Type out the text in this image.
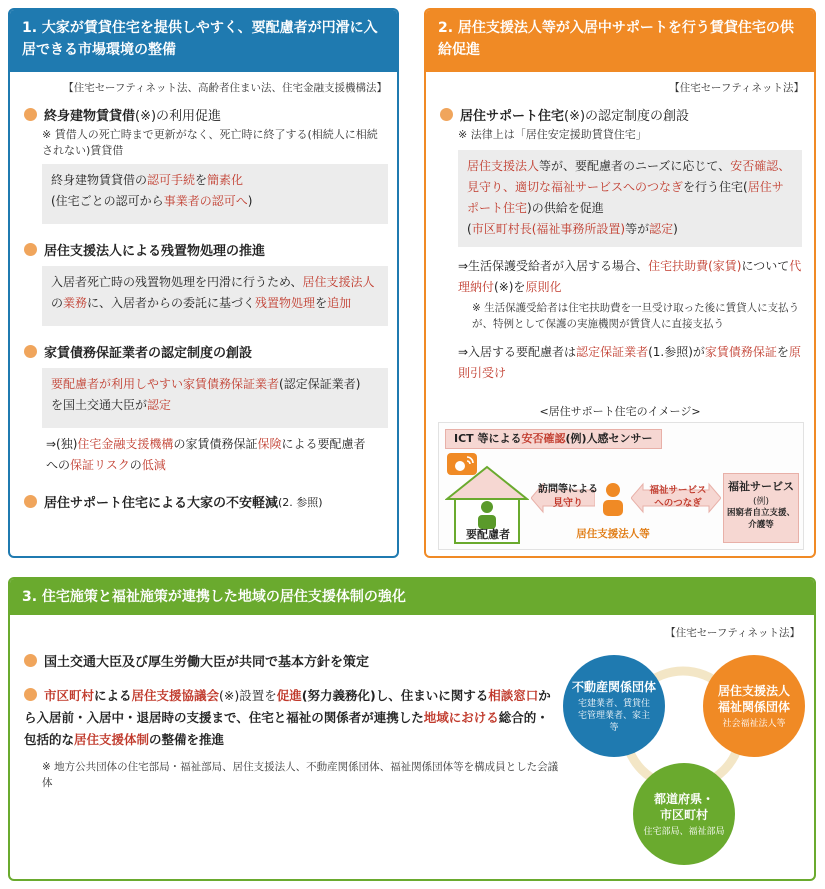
1. 大家が賃貸住宅を提供しやすく、要配慮者が円滑に入居できる市場環境の整備
【住宅セーフティネット法、高齢者住まい法、住宅金融支援機構法】
終身建物賃貸借 (※)の利用促進
※ 賃借人の死亡時まで更新がなく、死亡時に終了する(相続人に相続されない)賃貸借
終身建物賃貸借の認可手続を簡素化
(住宅ごとの認可から事業者の認可へ)
居住支援法人による残置物処理の推進
入居者死亡時の残置物処理を円滑に行うため、居住支援法人の業務に、入居者からの委託に基づく残置物処理を追加
家賃債務保証業者の認定制度の創設
要配慮者が利用しやすい家賃債務保証業者(認定保証業者)
を国土交通大臣が認定
⇒(独)住宅金融支援機構の家賃債務保証保険による要配慮者
への保証リスクの低減
居住サポート住宅による大家の不安軽減 (2. 参照)
2. 居住支援法人等が入居中サポートを行う賃貸住宅の供給促進
【住宅セーフティネット法】
居住サポート住宅 (※)の認定制度の創設
※ 法律上は「居住安定援助賃貸住宅」
居住支援法人等が、要配慮者のニーズに応じて、安否確認、見守り、適切な福祉サービスへのつなぎを行う住宅(居住サポート住宅)の供給を促進
(市区町村長(福祉事務所設置)等が認定)
⇒生活保護受給者が入居する場合、住宅扶助費(家賃)について代理納付(※)を原則化
※ 生活保護受給者は住宅扶助費を一旦受け取った後に賃貸人に支払うが、特例として保護の実施機関が賃貸人に直接支払う
⇒入居する要配慮者は認定保証業者(1.参照)が家賃債務保証を原則引受け
<居住サポート住宅のイメージ>
ICT 等による安否確認(例)人感センサー
要配慮者
訪問等による
見守り
居住支援法人等
福祉サービス
へのつなぎ
福祉サービス
(例)
困窮者自立支援、介護等
3. 住宅施策と福祉施策が連携した地域の居住支援体制の強化
【住宅セーフティネット法】
国土交通大臣及び厚生労働大臣が共同で基本方針を策定
市区町村による居住支援協議会(※)設置を促進(努力義務化)し、住まいに関する相談窓口から入居前・入居中・退居時の支援まで、住宅と福祉の関係者が連携した地域における総合的・包括的な居住支援体制の整備を推進
※ 地方公共団体の住宅部局・福祉部局、居住支援法人、不動産関係団体、福祉関係団体等を構成員とした会議体
不動産関係団体
宅建業者、賃貸住宅管理業者、家主等
居住支援法人福祉関係団体
社会福祉法人等
都道府県・市区町村
住宅部局、福祉部局
